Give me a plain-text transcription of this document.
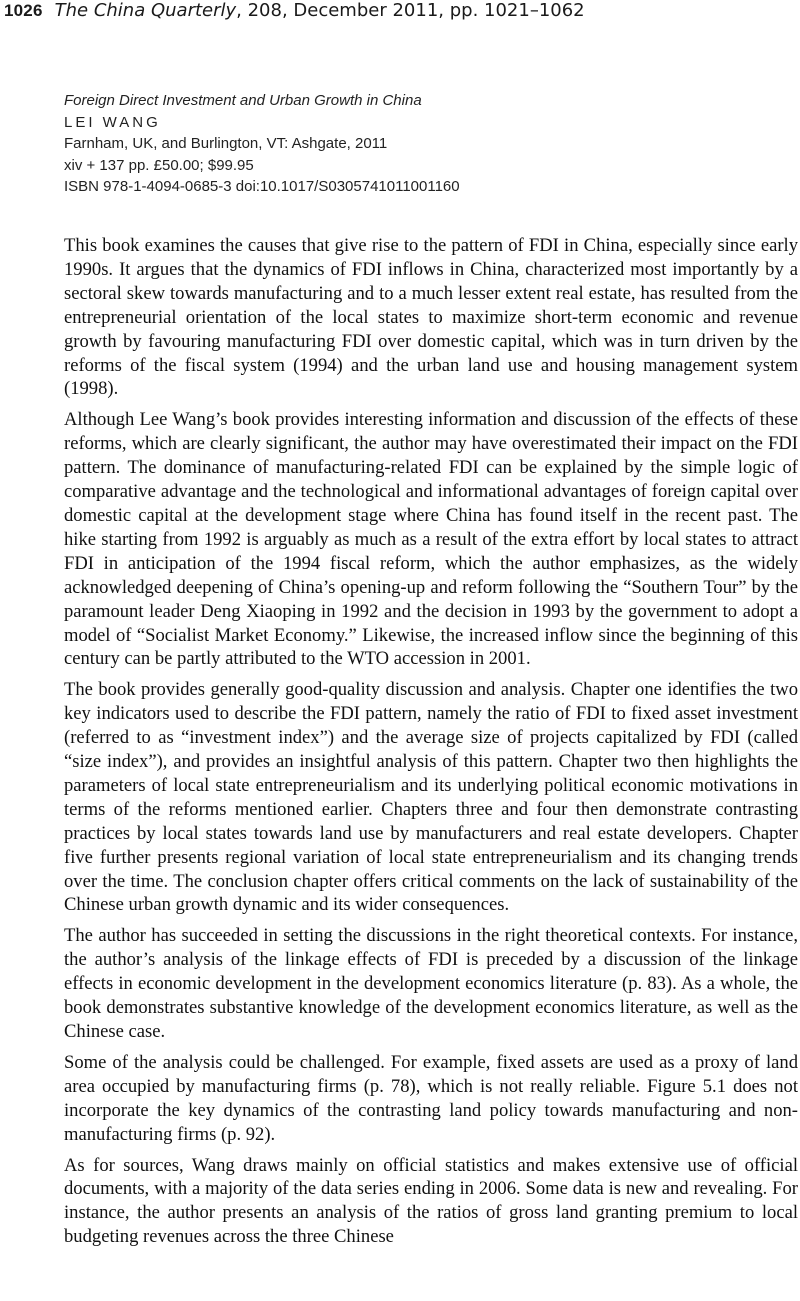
1026 The China Quarterly, 208, December 2011, pp. 1021–1062
Foreign Direct Investment and Urban Growth in China
LEI WANG
Farnham, UK, and Burlington, VT: Ashgate, 2011
xiv + 137 pp. £50.00; $99.95
ISBN 978-1-4094-0685-3 doi:10.1017/S0305741011001160

This book examines the causes that give rise to the pattern of FDI in China, especially since early 1990s. It argues that the dynamics of FDI inflows in China, characterized most importantly by a sectoral skew towards manufacturing and to a much lesser extent real estate, has resulted from the entrepreneurial orientation of the local states to maximize short-term economic and revenue growth by favouring manufacturing FDI over domestic capital, which was in turn driven by the reforms of the fiscal system (1994) and the urban land use and housing management system (1998).

Although Lee Wang’s book provides interesting information and discussion of the effects of these reforms, which are clearly significant, the author may have overestimated their impact on the FDI pattern. The dominance of manufacturing-related FDI can be explained by the simple logic of comparative advantage and the technological and informational advantages of foreign capital over domestic capital at the development stage where China has found itself in the recent past. The hike starting from 1992 is arguably as much as a result of the extra effort by local states to attract FDI in anticipation of the 1994 fiscal reform, which the author emphasizes, as the widely acknowledged deepening of China’s opening-up and reform following the “Southern Tour” by the paramount leader Deng Xiaoping in 1992 and the decision in 1993 by the government to adopt a model of “Socialist Market Economy.” Likewise, the increased inflow since the beginning of this century can be partly attributed to the WTO accession in 2001.

The book provides generally good-quality discussion and analysis. Chapter one identifies the two key indicators used to describe the FDI pattern, namely the ratio of FDI to fixed asset investment (referred to as “investment index”) and the average size of projects capitalized by FDI (called “size index”), and provides an insightful analysis of this pattern. Chapter two then highlights the parameters of local state entrepreneurialism and its underlying political economic motivations in terms of the reforms mentioned earlier. Chapters three and four then demonstrate contrasting practices by local states towards land use by manufacturers and real estate developers. Chapter five further presents regional variation of local state entrepreneurialism and its changing trends over the time. The conclusion chapter offers critical comments on the lack of sustainability of the Chinese urban growth dynamic and its wider consequences.

The author has succeeded in setting the discussions in the right theoretical contexts. For instance, the author’s analysis of the linkage effects of FDI is preceded by a discussion of the linkage effects in economic development in the development economics literature (p. 83). As a whole, the book demonstrates substantive knowledge of the development economics literature, as well as the Chinese case.

Some of the analysis could be challenged. For example, fixed assets are used as a proxy of land area occupied by manufacturing firms (p. 78), which is not really reliable. Figure 5.1 does not incorporate the key dynamics of the contrasting land policy towards manufacturing and non-manufacturing firms (p. 92).

As for sources, Wang draws mainly on official statistics and makes extensive use of official documents, with a majority of the data series ending in 2006. Some data is new and revealing. For instance, the author presents an analysis of the ratios of gross land granting premium to local budgeting revenues across the three Chinese
